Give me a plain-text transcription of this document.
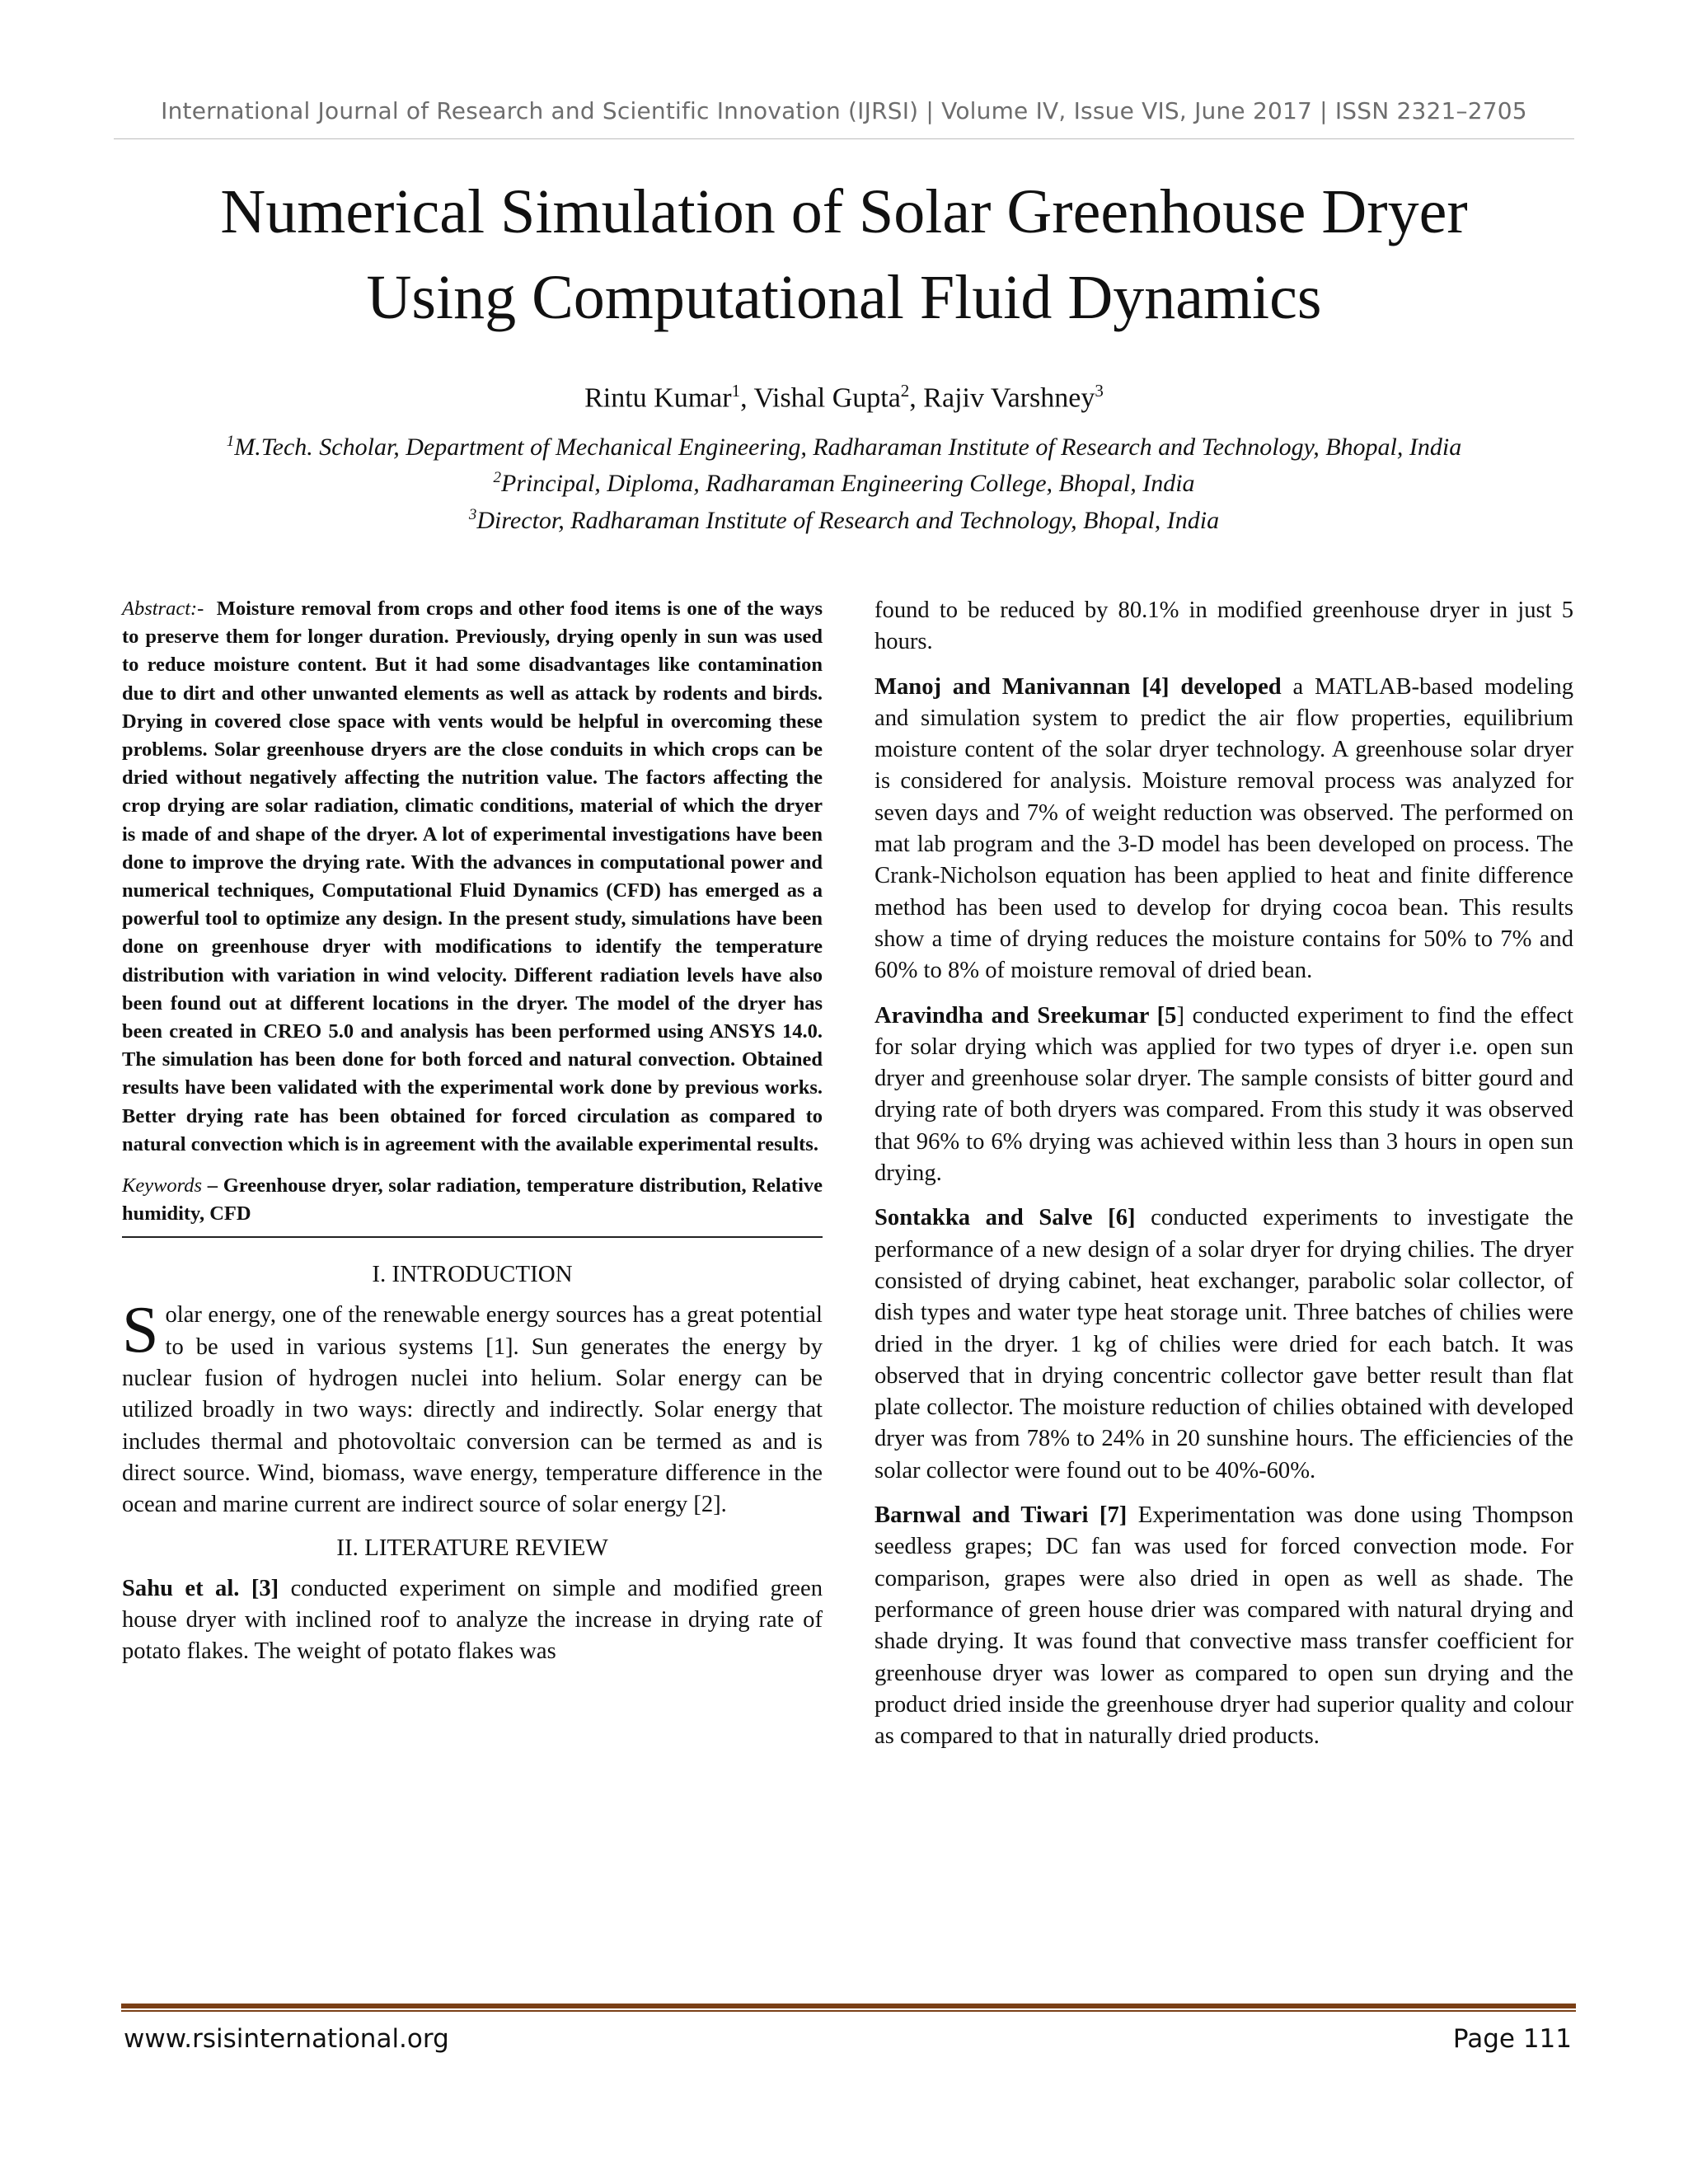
International Journal of Research and Scientific Innovation (IJRSI) | Volume IV, Issue VIS, June 2017 | ISSN 2321–2705
Numerical Simulation of Solar Greenhouse Dryer
Using Computational Fluid Dynamics
Rintu Kumar$^1$, Vishal Gupta$^2$, Rajiv Varshney$^3$
$^1$M.Tech. Scholar, Department of Mechanical Engineering, Radharaman Institute of Research and Technology, Bhopal, India
$^2$Principal, Diploma, Radharaman Engineering College, Bhopal, India
$^3$Director, Radharaman Institute of Research and Technology, Bhopal, India

Abstract:- Moisture removal from crops and other food items is one of the ways to preserve them for longer duration. Previously, drying openly in sun was used to reduce moisture content. But it had some disadvantages like contamination due to dirt and other unwanted elements as well as attack by rodents and birds. Drying in covered close space with vents would be helpful in overcoming these problems. Solar greenhouse dryers are the close conduits in which crops can be dried without negatively affecting the nutrition value. The factors affecting the crop drying are solar radiation, climatic conditions, material of which the dryer is made of and shape of the dryer. A lot of experimental investigations have been done to improve the drying rate. With the advances in computational power and numerical techniques, Computational Fluid Dynamics (CFD) has emerged as a powerful tool to optimize any design. In the present study, simulations have been done on greenhouse dryer with modifications to identify the temperature distribution with variation in wind velocity. Different radiation levels have also been found out at different locations in the dryer. The model of the dryer has been created in CREO 5.0 and analysis has been performed using ANSYS 14.0. The simulation has been done for both forced and natural convection. Obtained results have been validated with the experimental work done by previous works. Better drying rate has been obtained for forced circulation as compared to natural convection which is in agreement with the available experimental results.

Keywords – Greenhouse dryer, solar radiation, temperature distribution, Relative humidity, CFD

I. INTRODUCTION

Solar energy, one of the renewable energy sources has a great potential to be used in various systems [1]. Sun generates the energy by nuclear fusion of hydrogen nuclei into helium. Solar energy can be utilized broadly in two ways: directly and indirectly. Solar energy that includes thermal and photovoltaic conversion can be termed as and is direct source. Wind, biomass, wave energy, temperature difference in the ocean and marine current are indirect source of solar energy [2].

II. LITERATURE REVIEW

Sahu et al. [3] conducted experiment on simple and modified green house dryer with inclined roof to analyze the increase in drying rate of potato flakes. The weight of potato flakes was

found to be reduced by 80.1% in modified greenhouse dryer in just 5 hours.

Manoj and Manivannan [4] developed a MATLAB-based modeling and simulation system to predict the air flow properties, equilibrium moisture content of the solar dryer technology. A greenhouse solar dryer is considered for analysis. Moisture removal process was analyzed for seven days and 7% of weight reduction was observed. The performed on mat lab program and the 3-D model has been developed on process. The Crank-Nicholson equation has been applied to heat and finite difference method has been used to develop for drying cocoa bean. This results show a time of drying reduces the moisture contains for 50% to 7% and 60% to 8% of moisture removal of dried bean.

Aravindha and Sreekumar [5] conducted experiment to find the effect for solar drying which was applied for two types of dryer i.e. open sun dryer and greenhouse solar dryer. The sample consists of bitter gourd and drying rate of both dryers was compared. From this study it was observed that 96% to 6% drying was achieved within less than 3 hours in open sun drying.

Sontakka and Salve [6] conducted experiments to investigate the performance of a new design of a solar dryer for drying chilies. The dryer consisted of drying cabinet, heat exchanger, parabolic solar collector, of dish types and water type heat storage unit. Three batches of chilies were dried in the dryer. 1 kg of chilies were dried for each batch. It was observed that in drying concentric collector gave better result than flat plate collector. The moisture reduction of chilies obtained with developed dryer was from 78% to 24% in 20 sunshine hours. The efficiencies of the solar collector were found out to be 40%-60%.

Barnwal and Tiwari [7] Experimentation was done using Thompson seedless grapes; DC fan was used for forced convection mode. For comparison, grapes were also dried in open as well as shade. The performance of green house drier was compared with natural drying and shade drying. It was found that convective mass transfer coefficient for greenhouse dryer was lower as compared to open sun drying and the product dried inside the greenhouse dryer had superior quality and colour as compared to that in naturally dried products.

www.rsisinternational.org	Page 111
